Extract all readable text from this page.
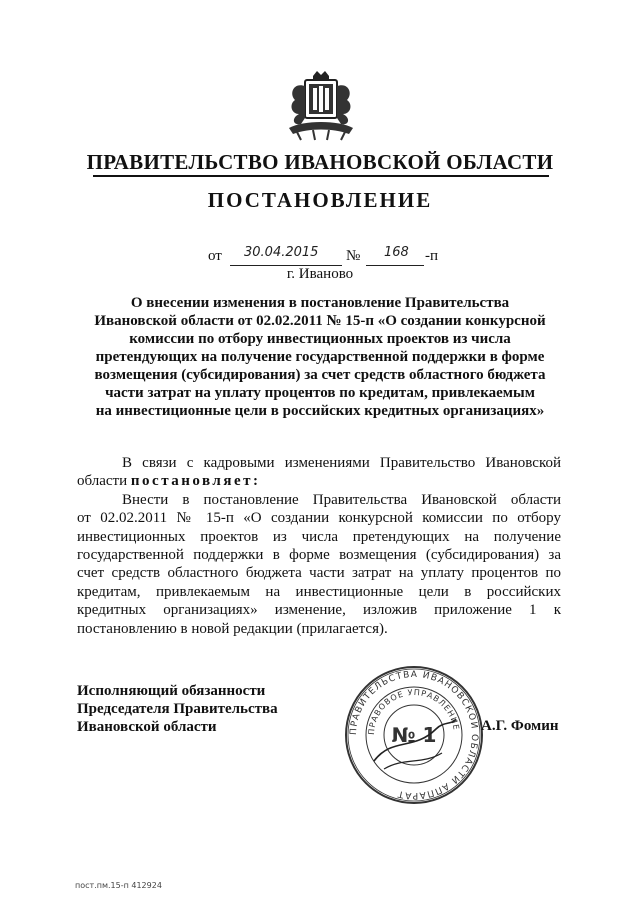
ПРАВИТЕЛЬСТВО ИВАНОВСКОЙ ОБЛАСТИ
ПОСТАНОВЛЕНИЕ
от 30.04.2015 № 168 -п
г. Иваново
О внесении изменения в постановление Правительства
Ивановской области от 02.02.2011 № 15-п «О создании конкурсной
комиссии по отбору инвестиционных проектов из числа
претендующих на получение государственной поддержки в форме
возмещения (субсидирования) за счет средств областного бюджета
части затрат на уплату процентов по кредитам, привлекаемым
на инвестиционные цели в российских кредитных организациях»
В связи с кадровыми изменениями Правительство Ивановской
области постановляет:
Внести в постановление Правительства Ивановской области
от 02.02.2011 № 15-п «О создании конкурсной комиссии по отбору
инвестиционных проектов из числа претендующих на получение
государственной поддержки в форме возмещения (субсидирования) за
счет средств областного бюджета части затрат на уплату процентов по
кредитам, привлекаемым на инвестиционные цели в российских
кредитных организациях» изменение, изложив приложение 1 к
постановлению в новой редакции (прилагается).
Исполняющий обязанности
Председателя Правительства
Ивановской области	ПРАВИТЕЛЬСТВА ИВАНОВСКОЙ ОБЛАСТИ АППАРАТ
ПРАВОВОЕ УПРАВЛЕНИЕ
№ 1	А.Г. Фомин
пост.пм.15-п 412924
